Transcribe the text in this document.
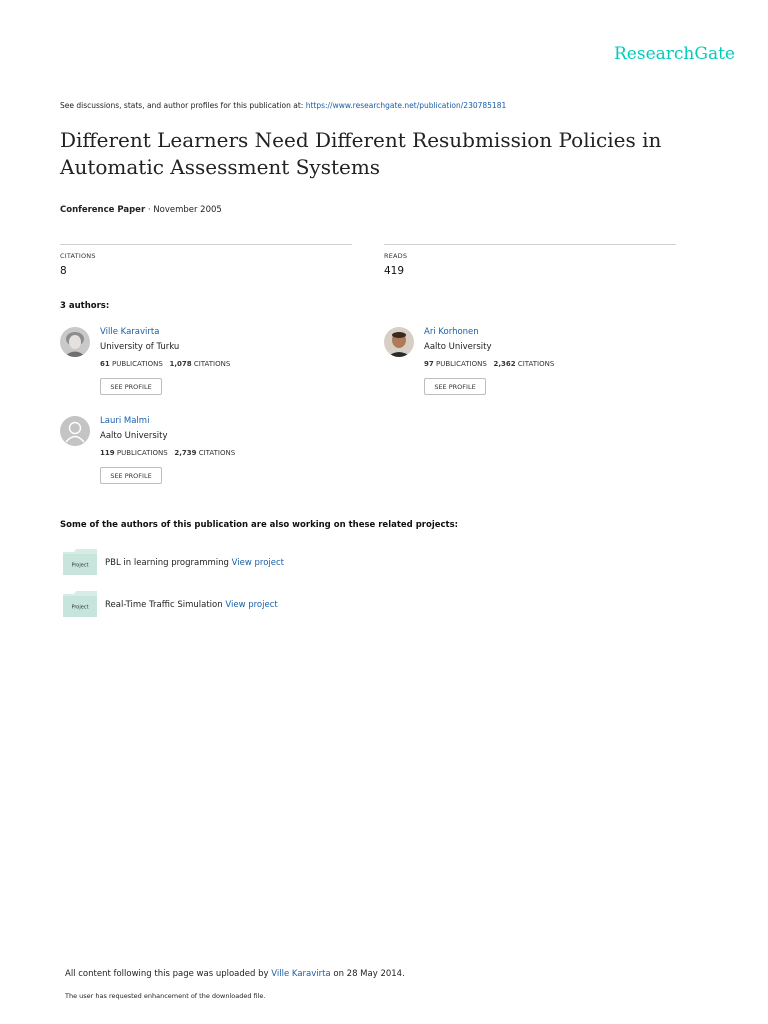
ResearchGate
See discussions, stats, and author profiles for this publication at: https://www.researchgate.net/publication/230785181
Different Learners Need Different Resubmission Policies in Automatic Assessment Systems
Conference Paper · November 2005
CITATIONS
8
READS
419
3 authors:
Ville Karavirta
University of Turku
61 PUBLICATIONS 1,078 CITATIONS
SEE PROFILE
Ari Korhonen
Aalto University
97 PUBLICATIONS 2,362 CITATIONS
SEE PROFILE
Lauri Malmi
Aalto University
119 PUBLICATIONS 2,739 CITATIONS
SEE PROFILE
Some of the authors of this publication are also working on these related projects:
Project PBL in learning programming View project
Project Real-Time Traffic Simulation View project
All content following this page was uploaded by Ville Karavirta on 28 May 2014.
The user has requested enhancement of the downloaded file.
